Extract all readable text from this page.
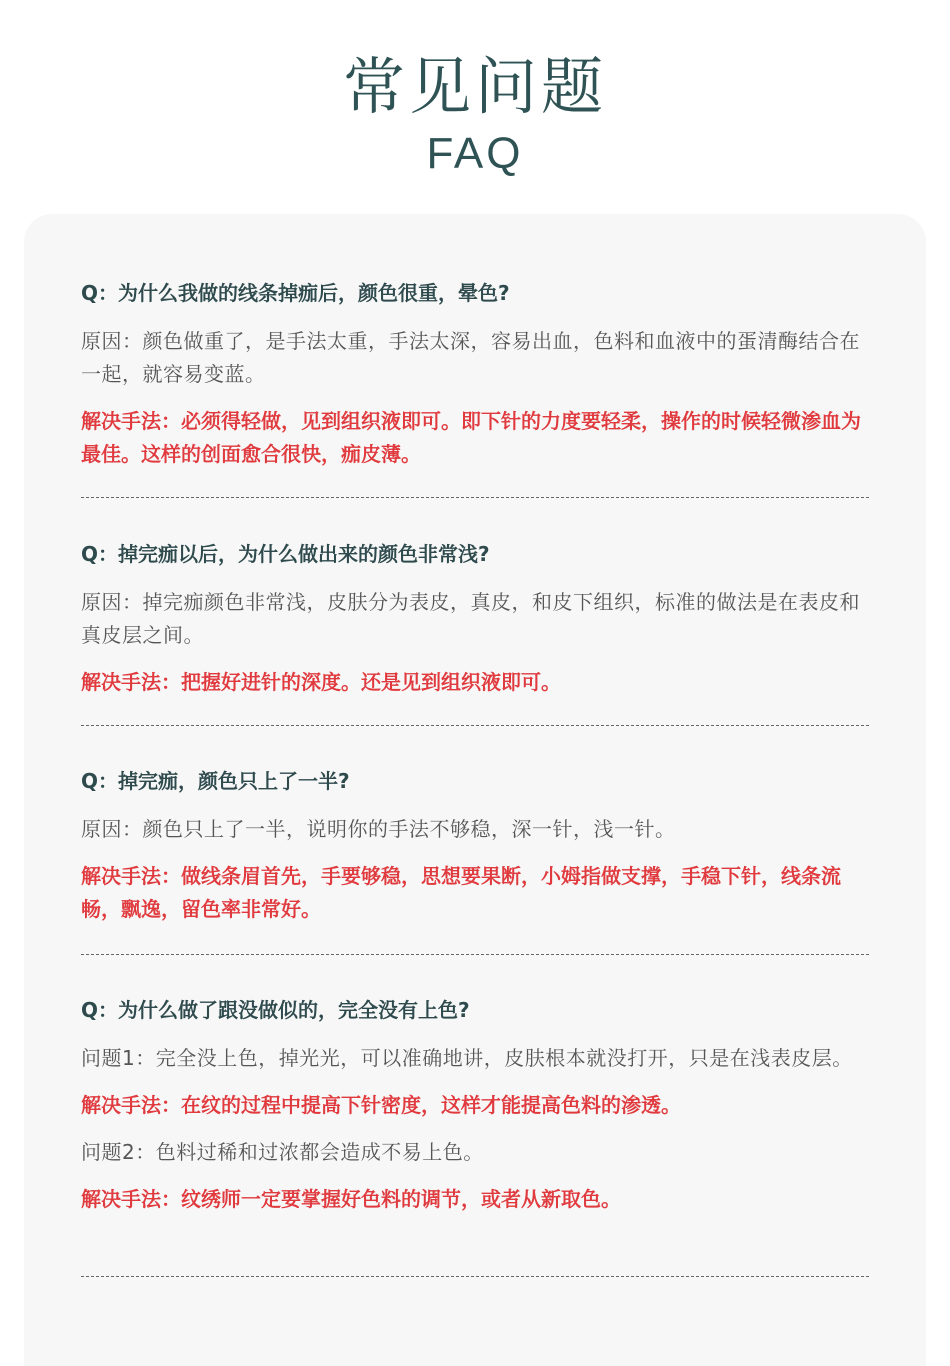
常见问题
FAQ

Q：为什么我做的线条掉痂后，颜色很重，晕色?

原因：颜色做重了，是手法太重，手法太深，容易出血，色料和血液中的蛋清酶结合在一起，就容易变蓝。

解决手法：必须得轻做，见到组织液即可。即下针的力度要轻柔，操作的时候轻微渗血为最佳。这样的创面愈合很快，痂皮薄。

Q：掉完痂以后，为什么做出来的颜色非常浅?

原因：掉完痂颜色非常浅，皮肤分为表皮，真皮，和皮下组织，标准的做法是在表皮和真皮层之间。

解决手法：把握好进针的深度。还是见到组织液即可。

Q：掉完痂，颜色只上了一半?

原因：颜色只上了一半，说明你的手法不够稳，深一针，浅一针。

解决手法：做线条眉首先，手要够稳，思想要果断，小姆指做支撑，手稳下针，线条流畅，飘逸，留色率非常好。

Q：为什么做了跟没做似的，完全没有上色?

问题1：完全没上色，掉光光，可以准确地讲，皮肤根本就没打开，只是在浅表皮层。

解决手法：在纹的过程中提高下针密度，这样才能提高色料的渗透。

问题2：色料过稀和过浓都会造成不易上色。

解决手法：纹绣师一定要掌握好色料的调节，或者从新取色。
